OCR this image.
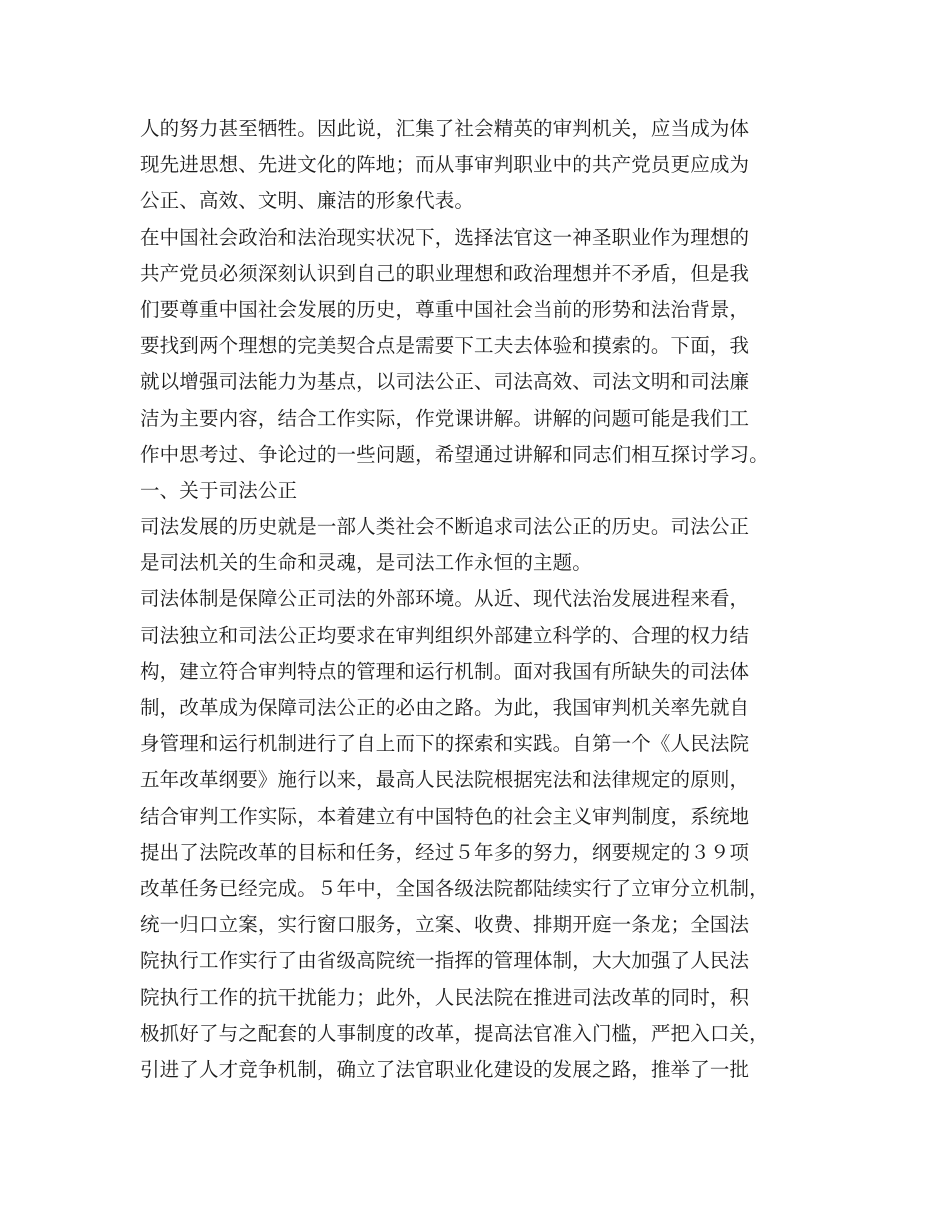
人的努力甚至牺牲。因此说，汇集了社会精英的审判机关，应当成为体
现先进思想、先进文化的阵地；而从事审判职业中的共产党员更应成为
公正、高效、文明、廉洁的形象代表。
在中国社会政治和法治现实状况下，选择法官这一神圣职业作为理想的
共产党员必须深刻认识到自己的职业理想和政治理想并不矛盾，但是我
们要尊重中国社会发展的历史，尊重中国社会当前的形势和法治背景，
要找到两个理想的完美契合点是需要下工夫去体验和摸索的。下面，我
就以增强司法能力为基点，以司法公正、司法高效、司法文明和司法廉
洁为主要内容，结合工作实际，作党课讲解。讲解的问题可能是我们工
作中思考过、争论过的一些问题，希望通过讲解和同志们相互探讨学习。
一、关于司法公正
司法发展的历史就是一部人类社会不断追求司法公正的历史。司法公正
是司法机关的生命和灵魂，是司法工作永恒的主题。
司法体制是保障公正司法的外部环境。从近、现代法治发展进程来看，
司法独立和司法公正均要求在审判组织外部建立科学的、合理的权力结
构，建立符合审判特点的管理和运行机制。面对我国有所缺失的司法体
制，改革成为保障司法公正的必由之路。为此，我国审判机关率先就自
身管理和运行机制进行了自上而下的探索和实践。自第一个《人民法院
五年改革纲要》施行以来，最高人民法院根据宪法和法律规定的原则，
结合审判工作实际，本着建立有中国特色的社会主义审判制度，系统地
提出了法院改革的目标和任务，经过５年多的努力，纲要规定的３９项
改革任务已经完成。５年中，全国各级法院都陆续实行了立审分立机制，
统一归口立案，实行窗口服务，立案、收费、排期开庭一条龙；全国法
院执行工作实行了由省级高院统一指挥的管理体制，大大加强了人民法
院执行工作的抗干扰能力；此外，人民法院在推进司法改革的同时，积
极抓好了与之配套的人事制度的改革，提高法官准入门槛，严把入口关，
引进了人才竞争机制，确立了法官职业化建设的发展之路，推举了一批
